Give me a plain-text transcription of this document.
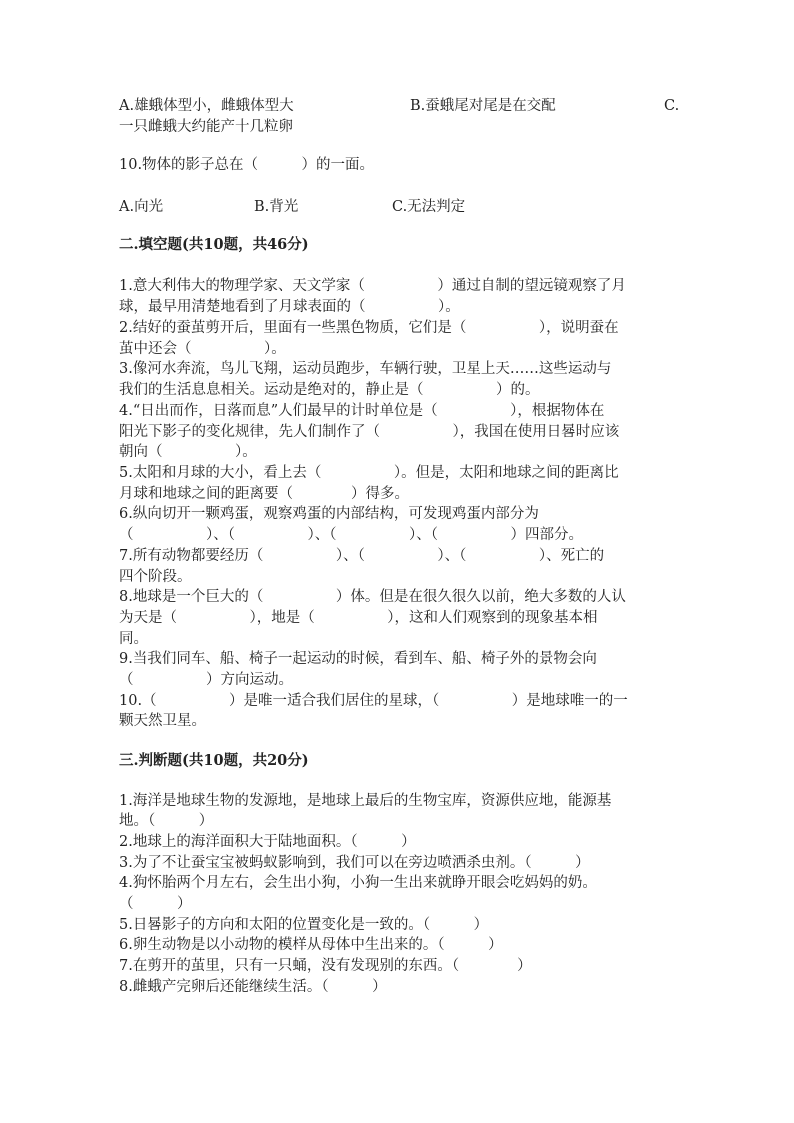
A.雄蛾体型小，雌蛾体型大	B.蚕蛾尾对尾是在交配	C.
一只雌蛾大约能产十几粒卵
10.物体的影子总在（　　　）的一面。
A.向光	B.背光	C.无法判定
二.填空题(共10题，共46分)
1.意大利伟大的物理学家、天文学家（　　　　　）通过自制的望远镜观察了月
球，最早用清楚地看到了月球表面的（　　　　　）。
2.结好的蚕茧剪开后，里面有一些黑色物质，它们是（　　　　　），说明蚕在
茧中还会（　　　　　）。
3.像河水奔流，鸟儿飞翔，运动员跑步，车辆行驶，卫星上天……这些运动与
我们的生活息息相关。运动是绝对的，静止是（　　　　　）的。
4.“日出而作，日落而息”人们最早的计时单位是（　　　　　），根据物体在
阳光下影子的变化规律，先人们制作了（　　　　　），我国在使用日晷时应该
朝向（　　　　　）。
5.太阳和月球的大小，看上去（　　　　　）。但是，太阳和地球之间的距离比
月球和地球之间的距离要（　　　　）得多。
6.纵向切开一颗鸡蛋，观察鸡蛋的内部结构，可发现鸡蛋内部分为
（　　　　　）、（　　　　　）、（　　　　　）、（　　　　　）四部分。
7.所有动物都要经历（　　　　　）、（　　　　　）、（　　　　　）、死亡的
四个阶段。
8.地球是一个巨大的（　　　　　）体。但是在很久很久以前，绝大多数的人认
为天是（　　　　　），地是（　　　　　），这和人们观察到的现象基本相
同。
9.当我们同车、船、椅子一起运动的时候，看到车、船、椅子外的景物会向
（　　　　　）方向运动。
10.（　　　　　）是唯一适合我们居住的星球，（　　　　　）是地球唯一的一
颗天然卫星。
三.判断题(共10题，共20分)
1.海洋是地球生物的发源地，是地球上最后的生物宝库，资源供应地，能源基
地。（　　　）
2.地球上的海洋面积大于陆地面积。（　　　）
3.为了不让蚕宝宝被蚂蚁影响到，我们可以在旁边喷洒杀虫剂。（　　　）
4.狗怀胎两个月左右，会生出小狗，小狗一生出来就睁开眼会吃妈妈的奶。
（　　　）
5.日晷影子的方向和太阳的位置变化是一致的。（　　　）
6.卵生动物是以小动物的模样从母体中生出来的。（　　　）
7.在剪开的茧里，只有一只蛹，没有发现别的东西。（　　　　）
8.雌蛾产完卵后还能继续生活。（　　　）
